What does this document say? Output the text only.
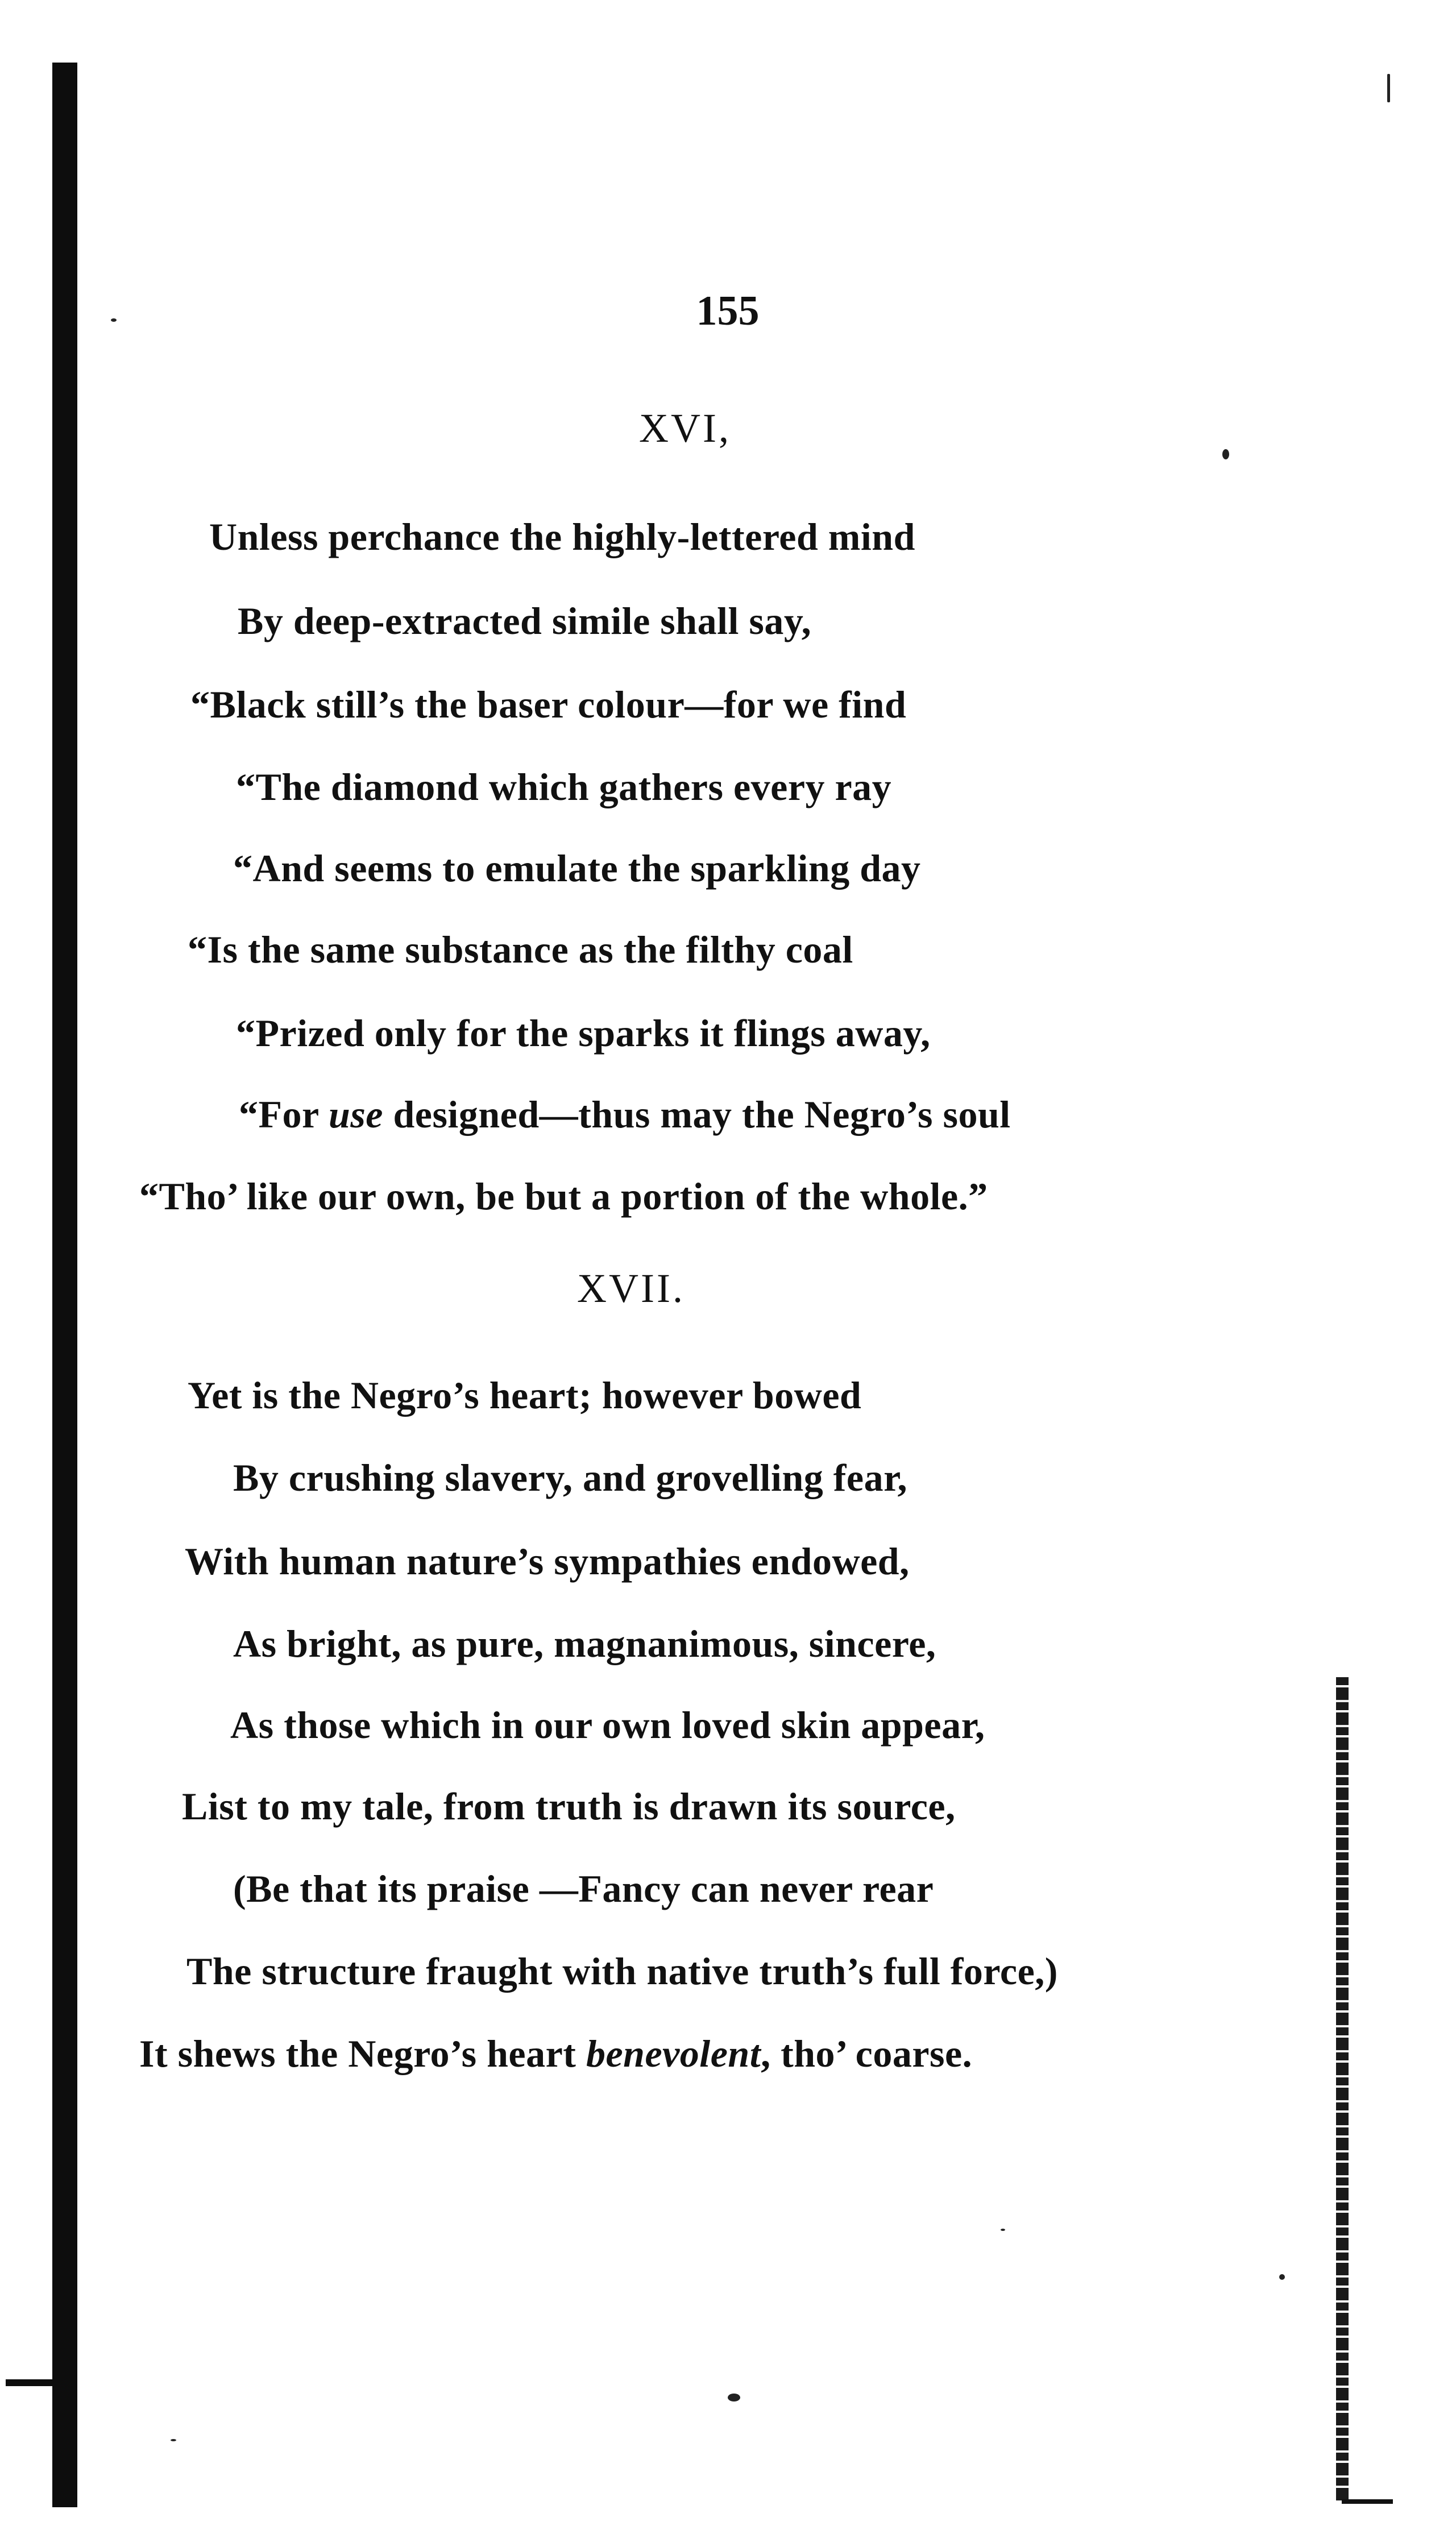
155
XVI,
Unless perchance the highly-lettered mind
By deep-extracted simile shall say,
“Black still’s the baser colour—for we find
“The diamond which gathers every ray
“And seems to emulate the sparkling day
“Is the same substance as the filthy coal
“Prized only for the sparks it flings away,
“For use designed—thus may the Negro’s soul
“Tho’ like our own, be but a portion of the whole.”
XVII.
Yet is the Negro’s heart; however bowed
By crushing slavery, and grovelling fear,
With human nature’s sympathies endowed,
As bright, as pure, magnanimous, sincere,
As those which in our own loved skin appear,
List to my tale, from truth is drawn its source,
(Be that its praise —Fancy can never rear
The structure fraught with native truth’s full force,)
It shews the Negro’s heart benevolent, tho’ coarse.
